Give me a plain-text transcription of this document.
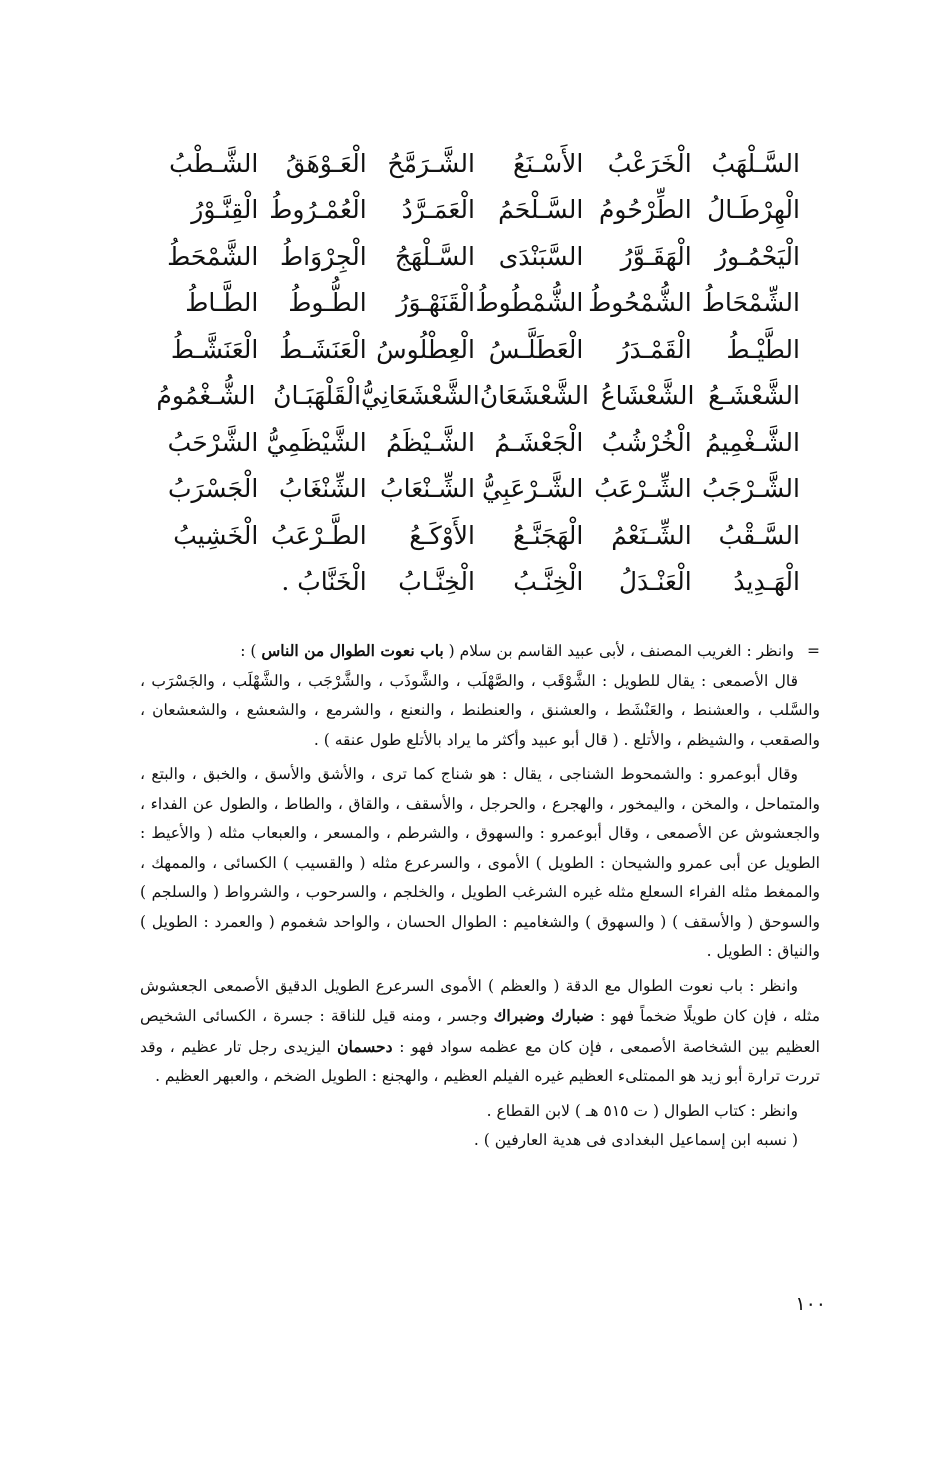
السَّـلْهَبُ
الْخَرَعْبُ
الأَسْـنَعُ
الشَّـرَمَّحُ
الْعَـوْهَقُ
الشَّـطْبُ
الْهِرْطَـالُ
الطِّرْحُومُ
السَّـلْحَمُ
الْعَمَـرَّدُ
الْعُمْـرُوطُ
الْقِنَّـوْرُ
الْيَحْمُـورُ
الْهَقَـوَّرُ
السَّبَنْدَى
السَّـلْهَجُ
الْجِرْوَاطُ
الشَّمْحَطُ
الشِّمْحَاطُ
الشُّمْحُوطُ
الشُّمْطُوطُ
الْقَنَهْـوَرُ
الطُّـوطُ
الطَّـاطُ
الطَّيْـطُ
الْقَمْـدَرُ
الْعَطَلَّـسُ
الْعِطْلُوسُ
الْعَنَشَـطُ
الْعَنَشَّـطُ
الشَّعْشَـعُ
الشَّعْشَاعُ
الشَّعْشَعَانُ
الشَّعْشَعَانِيُّ
الْقَلْهَبَـانُ
الشُّـغْمُومُ
الشَّـغْمِيمُ
الْخُرْشُبُ
الْجَعْشَـمُ
الشَّـيْظَمُ
الشَّيْظَمِيُّ
الشَّرْحَبُ
الشَّـرْجَبُ
الشِّـرْعَبُ
الشَّـرْعَبِيُّ
الشِّـنْعَابُ
الشِّنْغَابُ
الْجَسْرَبُ
السَّـقْبُ
الشِّـنَعْمُ
الْهَجَنَّـعُ
الأَوْكَـعُ
الطَّـرْعَبُ
الْخَشِيبُ
الْهَـدِيدُ
الْعَنْـدَلُ
الْخِنَّـبُ
الْخِنَّـابُ
الْخَنَّابُ .

=وانظر : الغريب المصنف ، لأبى عبيد القاسم بن سلام ( باب نعوت الطوال من الناس ) :

قال الأصمعى : يقال للطويل : الشَّوْقَب ، والصَّهْلَب ، والشَّوذَب ، والشَّرْجَب ، والشَّهْلَب ، والجَسْرَب ، والسَّلب ، والعشنط ، والعَنْشَط ، والعشنق ، والعنطنط ، والنعنع ، والشرمع ، والشعشع ، والشعشعان ، والصقعب ، والشيظم ، والأتلع . ( قال أبو عبيد وأكثر ما يراد بالأتلع طول عنقه ) .

وقال أبوعمرو : والشمحوط الشناجى ، يقال : هو شناج كما ترى ، والأشق والأسق ، والخبق ، والبتع ، والمتماحل ، والمخن ، واليمخور ، والهجرع ، والحرجل ، والأسقف ، والقاق ، والطاط ، والطول عن الفداء ، والجعشوش عن الأصمعى ، وقال أبوعمرو : والسهوق ، والشرطم ، والمسعر ، والعبعاب مثله ( والأعيط : الطويل عن أبى عمرو والشيحان : الطويل ) الأموى ، والسرعرع مثله ( والقسيب ) الكسائى ، والممهك ، والممغط مثله الفراء السعلع مثله غيره الشرغب الطويل ، والخلجم ، والسرحوب ، والشرواط ( والسلجم ) والسوحق ( والأسقف ) ( والسهوق ) والشغاميم : الطوال الحسان ، والواحد شغموم ( والعمرد : الطويل ) والنياق : الطويل .

وانظر : باب نعوت الطوال مع الدقة ( والعظم ) الأموى السرعرع الطويل الدقيق الأصمعى الجعشوش مثله ، فإن كان طويلًا ضخماً فهو : ضبارك وضبراك وجسر ، ومنه قيل للناقة : جسرة ، الكسائى الشخيص العظيم بين الشخاصة الأصمعى ، فإن كان مع عظمه سواد فهو : دحسمان اليزيدى رجل تار عظيم ، وقد تررت ترارة أبو زيد هو الممتلىء العظيم غيره الفيلم العظيم ، والهجنع : الطويل الضخم ، والعبهر العظيم .

وانظر : كتاب الطوال ( ت ٥١٥ هـ ) لابن القطاع .

( نسبه ابن إسماعيل البغدادى فى هدية العارفين ) .

١٠٠
